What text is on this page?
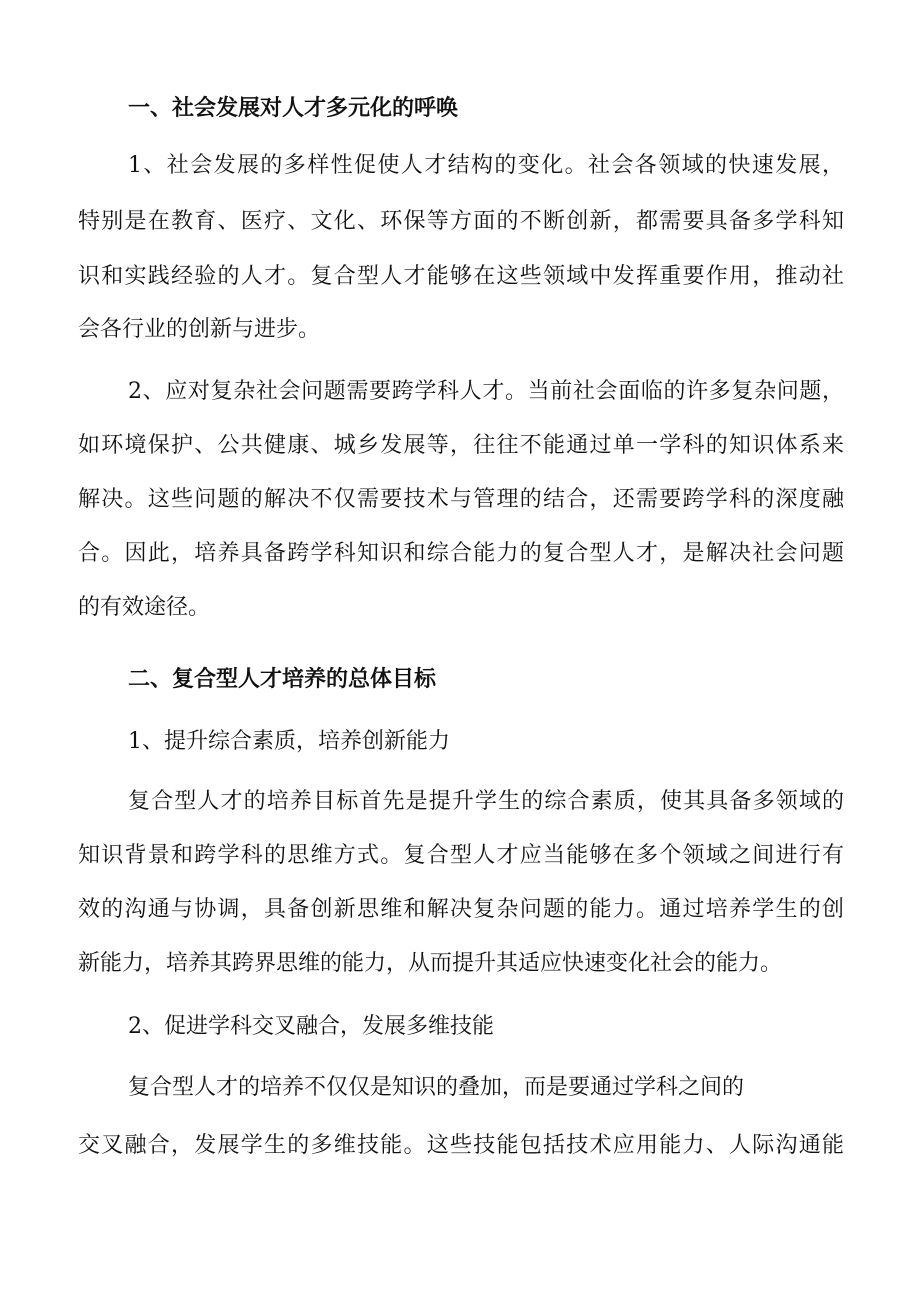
一、社会发展对人才多元化的呼唤
1、社会发展的多样性促使人才结构的变化。社会各领域的快速发展，
特别是在教育、医疗、文化、环保等方面的不断创新，都需要具备多学科知
识和实践经验的人才。复合型人才能够在这些领域中发挥重要作用，推动社
会各行业的创新与进步。
2、应对复杂社会问题需要跨学科人才。当前社会面临的许多复杂问题，
如环境保护、公共健康、城乡发展等，往往不能通过单一学科的知识体系来
解决。这些问题的解决不仅需要技术与管理的结合，还需要跨学科的深度融
合。因此，培养具备跨学科知识和综合能力的复合型人才，是解决社会问题
的有效途径。
二、复合型人才培养的总体目标
1、提升综合素质，培养创新能力
复合型人才的培养目标首先是提升学生的综合素质，使其具备多领域的
知识背景和跨学科的思维方式。复合型人才应当能够在多个领域之间进行有
效的沟通与协调，具备创新思维和解决复杂问题的能力。通过培养学生的创
新能力，培养其跨界思维的能力，从而提升其适应快速变化社会的能力。
2、促进学科交叉融合，发展多维技能
复合型人才的培养不仅仅是知识的叠加，而是要通过学科之间的
交叉融合，发展学生的多维技能。这些技能包括技术应用能力、人际沟通能
